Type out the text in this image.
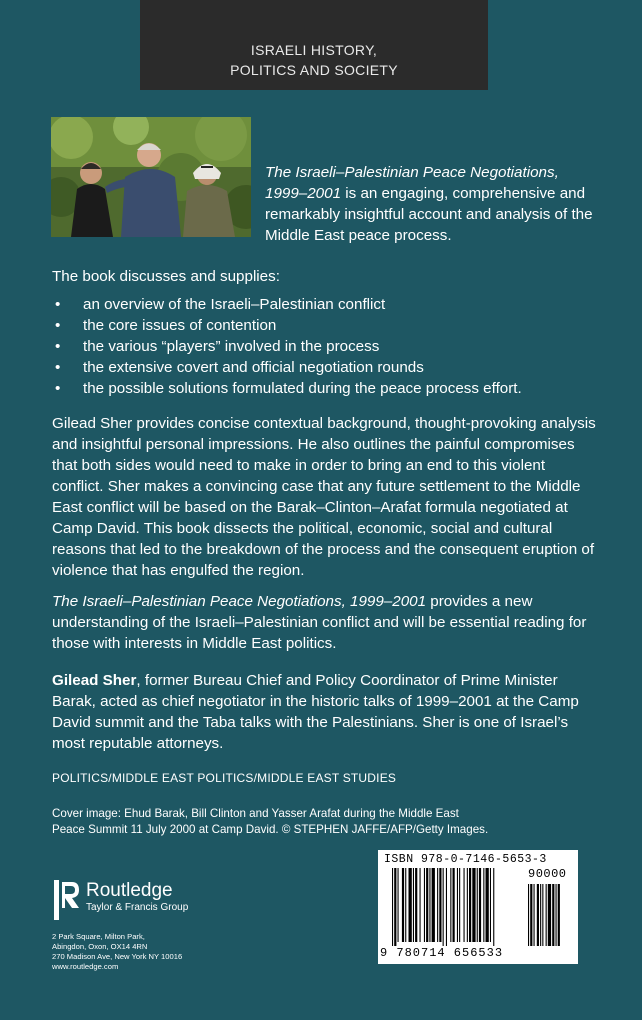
ISRAELI HISTORY,
POLITICS AND SOCIETY
The Israeli–Palestinian Peace Negotiations, 1999–2001 is an engaging, comprehensive and remarkably insightful account and analysis of the Middle East peace process.
The book discusses and supplies:
• an overview of the Israeli–Palestinian conflict
• the core issues of contention
• the various “players” involved in the process
• the extensive covert and official negotiation rounds
• the possible solutions formulated during the peace process effort.
Gilead Sher provides concise contextual background, thought-provoking analysis and insightful personal impressions. He also outlines the painful compromises that both sides would need to make in order to bring an end to this violent conflict. Sher makes a convincing case that any future settlement to the Middle East conflict will be based on the Barak–Clinton–Arafat formula negotiated at Camp David. This book dissects the political, economic, social and cultural reasons that led to the breakdown of the process and the consequent eruption of violence that has engulfed the region.
The Israeli–Palestinian Peace Negotiations, 1999–2001 provides a new understanding of the Israeli–Palestinian conflict and will be essential reading for those with interests in Middle East politics.
Gilead Sher, former Bureau Chief and Policy Coordinator of Prime Minister Barak, acted as chief negotiator in the historic talks of 1999–2001 at the Camp David summit and the Taba talks with the Palestinians. Sher is one of Israel’s most reputable attorneys.
POLITICS/MIDDLE EAST POLITICS/MIDDLE EAST STUDIES
Cover image: Ehud Barak, Bill Clinton and Yasser Arafat during the Middle East Peace Summit 11 July 2000 at Camp David. © STEPHEN JAFFE/AFP/Getty Images.
Routledge
Taylor & Francis Group
2 Park Square, Milton Park,
Abingdon, Oxon, OX14 4RN
270 Madison Ave, New York NY 10016
www.routledge.com
ISBN 978-0-7146-5653-3
90000
9 780714 656533
